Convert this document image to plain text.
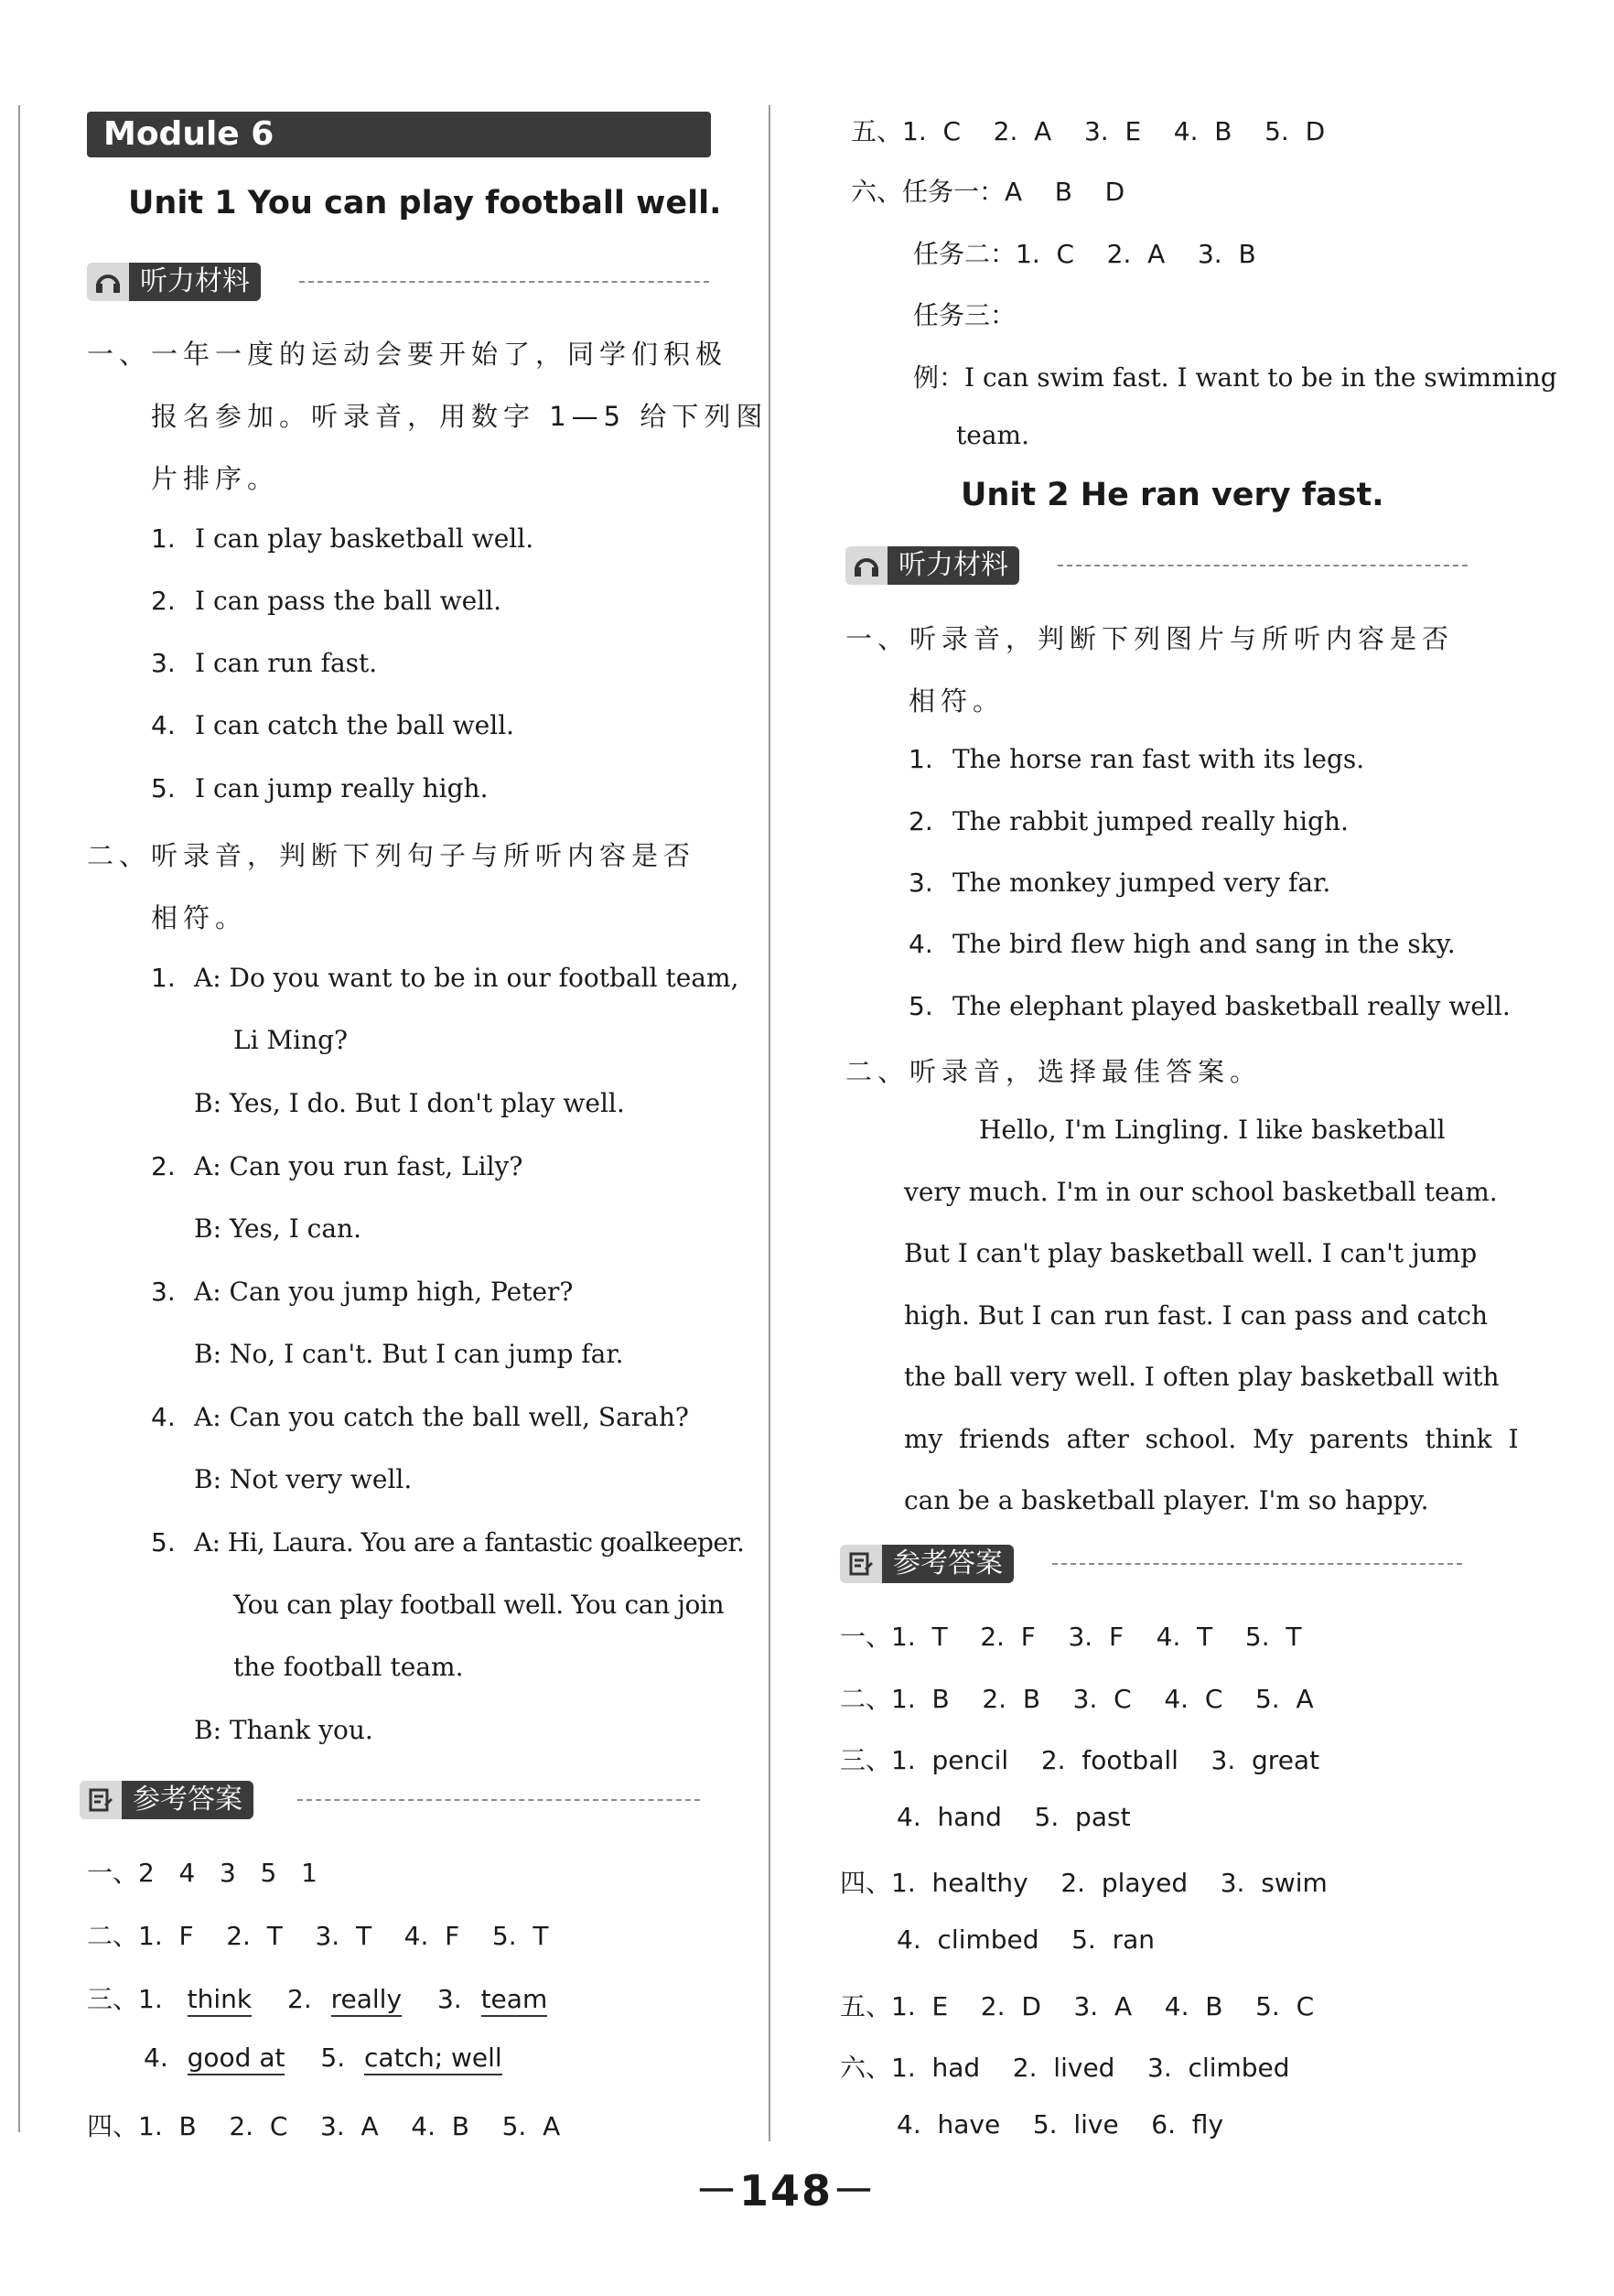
Module 6
Unit 1 You can play football well.
听力材料
一、一年一度的运动会要开始了，同学们积极
报名参加。听录音，用数字 1—5 给下列图
片排序。
1. I can play basketball well.
2. I can pass the ball well.
3. I can run fast.
4. I can catch the ball well.
5. I can jump really high.
二、听录音，判断下列句子与所听内容是否
相符。
1. A: Do you want to be in our football team,
Li Ming?
B: Yes, I do. But I don't play well.
2. A: Can you run fast, Lily?
B: Yes, I can.
3. A: Can you jump high, Peter?
B: No, I can't. But I can jump far.
4. A: Can you catch the ball well, Sarah?
B: Not very well.
5. A: Hi, Laura. You are a fantastic goalkeeper.
You can play football well. You can join
the football team.
B: Thank you.
参考答案
一、2   4   3   5   1
二、1.  F    2.  T    3.  T    4.  F    5.  T
三、1. think 2. really 3. team
4. good at 5. catch; well
四、1.  B    2.  C    3.  A    4.  B    5.  A
五、1.  C    2.  A    3.  E    4.  B    5.  D
六、任务一：A    B    D
任务二：1.  C    2.  A    3.  B
任务三：
例：I can swim fast. I want to be in the swimming
team.
Unit 2 He ran very fast.
听力材料
一、听录音，判断下列图片与所听内容是否
相符。
1. The horse ran fast with its legs.
2. The rabbit jumped really high.
3. The monkey jumped very far.
4. The bird flew high and sang in the sky.
5. The elephant played basketball really well.
二、听录音，选择最佳答案。
Hello, I'm Lingling. I like basketball
very much. I'm in our school basketball team.
But I can't play basketball well. I can't jump
high. But I can run fast. I can pass and catch
the ball very well. I often play basketball with
my  friends  after  school.  My  parents  think  I
can be a basketball player. I'm so happy.
参考答案
一、1.  T    2.  F    3.  F    4.  T    5.  T
二、1.  B    2.  B    3.  C    4.  C    5.  A
三、1.  pencil    2.  football    3.  great
4.  hand    5.  past
四、1.  healthy    2.  played    3.  swim
4.  climbed    5.  ran
五、1.  E    2.  D    3.  A    4.  B    5.  C
六、1.  had    2.  lived    3.  climbed
4.  have    5.  live    6.  fly
－148－
